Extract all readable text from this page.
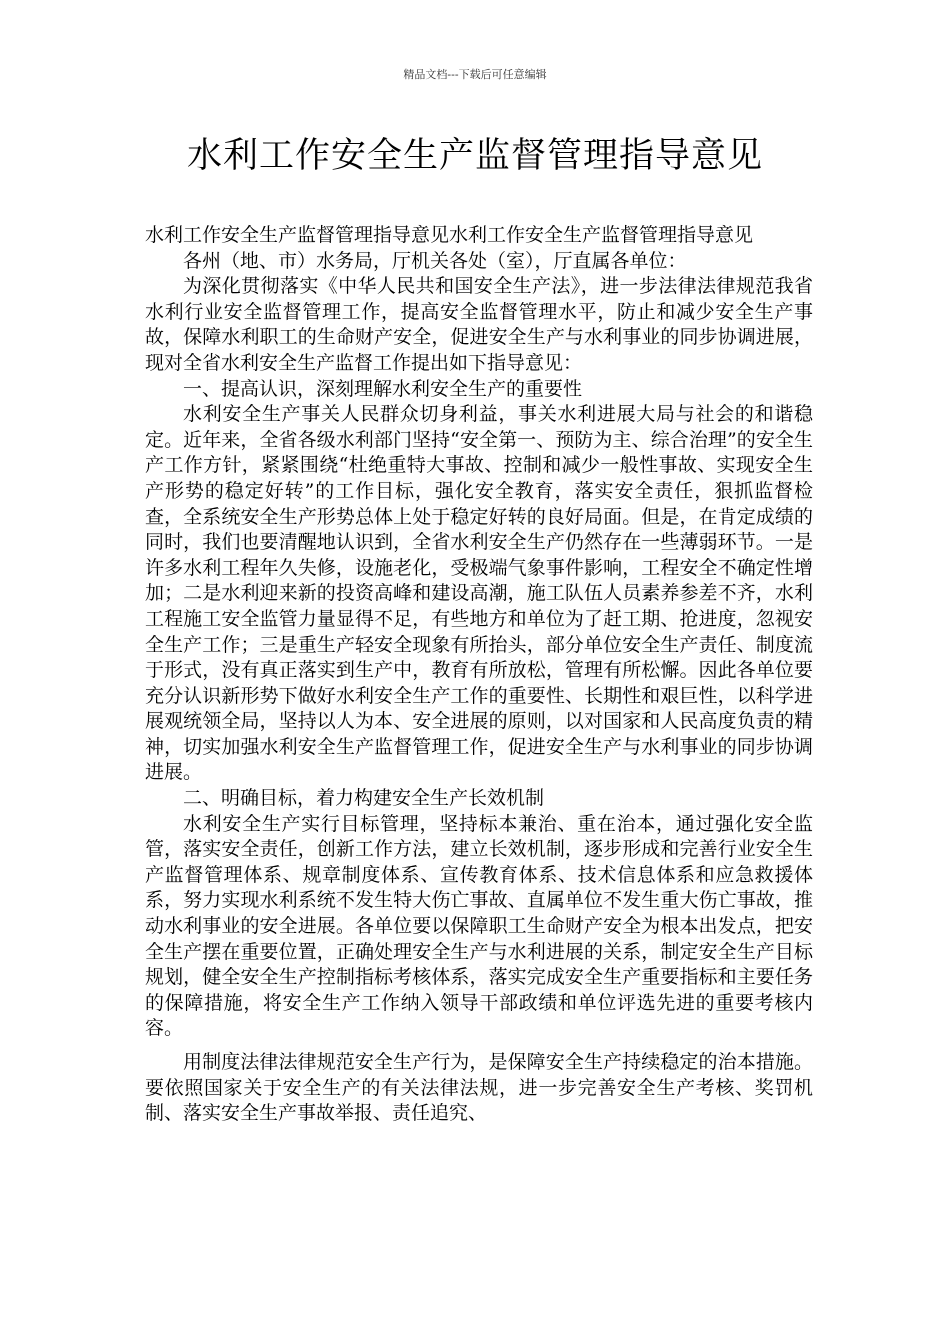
精品文档---下载后可任意编辑
水利工作安全生产监督管理指导意见

水利工作安全生产监督管理指导意见水利工作安全生产监督管理指导意见

各州（地、市）水务局，厅机关各处（室），厅直属各单位：

为深化贯彻落实《中华人民共和国安全生产法》，进一步法律法律规范我省水利行业安全监督管理工作，提高安全监督管理水平，防止和减少安全生产事故，保障水利职工的生命财产安全，促进安全生产与水利事业的同步协调进展，现对全省水利安全生产监督工作提出如下指导意见：

一、提高认识，深刻理解水利安全生产的重要性

水利安全生产事关人民群众切身利益，事关水利进展大局与社会的和谐稳定。近年来，全省各级水利部门坚持“安全第一、预防为主、综合治理”的安全生产工作方针，紧紧围绕“杜绝重特大事故、控制和减少一般性事故、实现安全生产形势的稳定好转”的工作目标，强化安全教育，落实安全责任，狠抓监督检查，全系统安全生产形势总体上处于稳定好转的良好局面。但是，在肯定成绩的同时，我们也要清醒地认识到，全省水利安全生产仍然存在一些薄弱环节。一是许多水利工程年久失修，设施老化，受极端气象事件影响，工程安全不确定性增加；二是水利迎来新的投资高峰和建设高潮，施工队伍人员素养参差不齐，水利工程施工安全监管力量显得不足，有些地方和单位为了赶工期、抢进度，忽视安全生产工作；三是重生产轻安全现象有所抬头，部分单位安全生产责任、制度流于形式，没有真正落实到生产中，教育有所放松，管理有所松懈。因此各单位要充分认识新形势下做好水利安全生产工作的重要性、长期性和艰巨性，以科学进展观统领全局，坚持以人为本、安全进展的原则，以对国家和人民高度负责的精神，切实加强水利安全生产监督管理工作，促进安全生产与水利事业的同步协调进展。

二、明确目标，着力构建安全生产长效机制

水利安全生产实行目标管理，坚持标本兼治、重在治本，通过强化安全监管，落实安全责任，创新工作方法，建立长效机制，逐步形成和完善行业安全生产监督管理体系、规章制度体系、宣传教育体系、技术信息体系和应急救援体系，努力实现水利系统不发生特大伤亡事故、直属单位不发生重大伤亡事故，推动水利事业的安全进展。各单位要以保障职工生命财产安全为根本出发点，把安全生产摆在重要位置，正确处理安全生产与水利进展的关系，制定安全生产目标规划，健全安全生产控制指标考核体系，落实完成安全生产重要指标和主要任务的保障措施，将安全生产工作纳入领导干部政绩和单位评选先进的重要考核内容。

用制度法律法律规范安全生产行为，是保障安全生产持续稳定的治本措施。要依照国家关于安全生产的有关法律法规，进一步完善安全生产考核、奖罚机制、落实安全生产事故举报、责任追究、
